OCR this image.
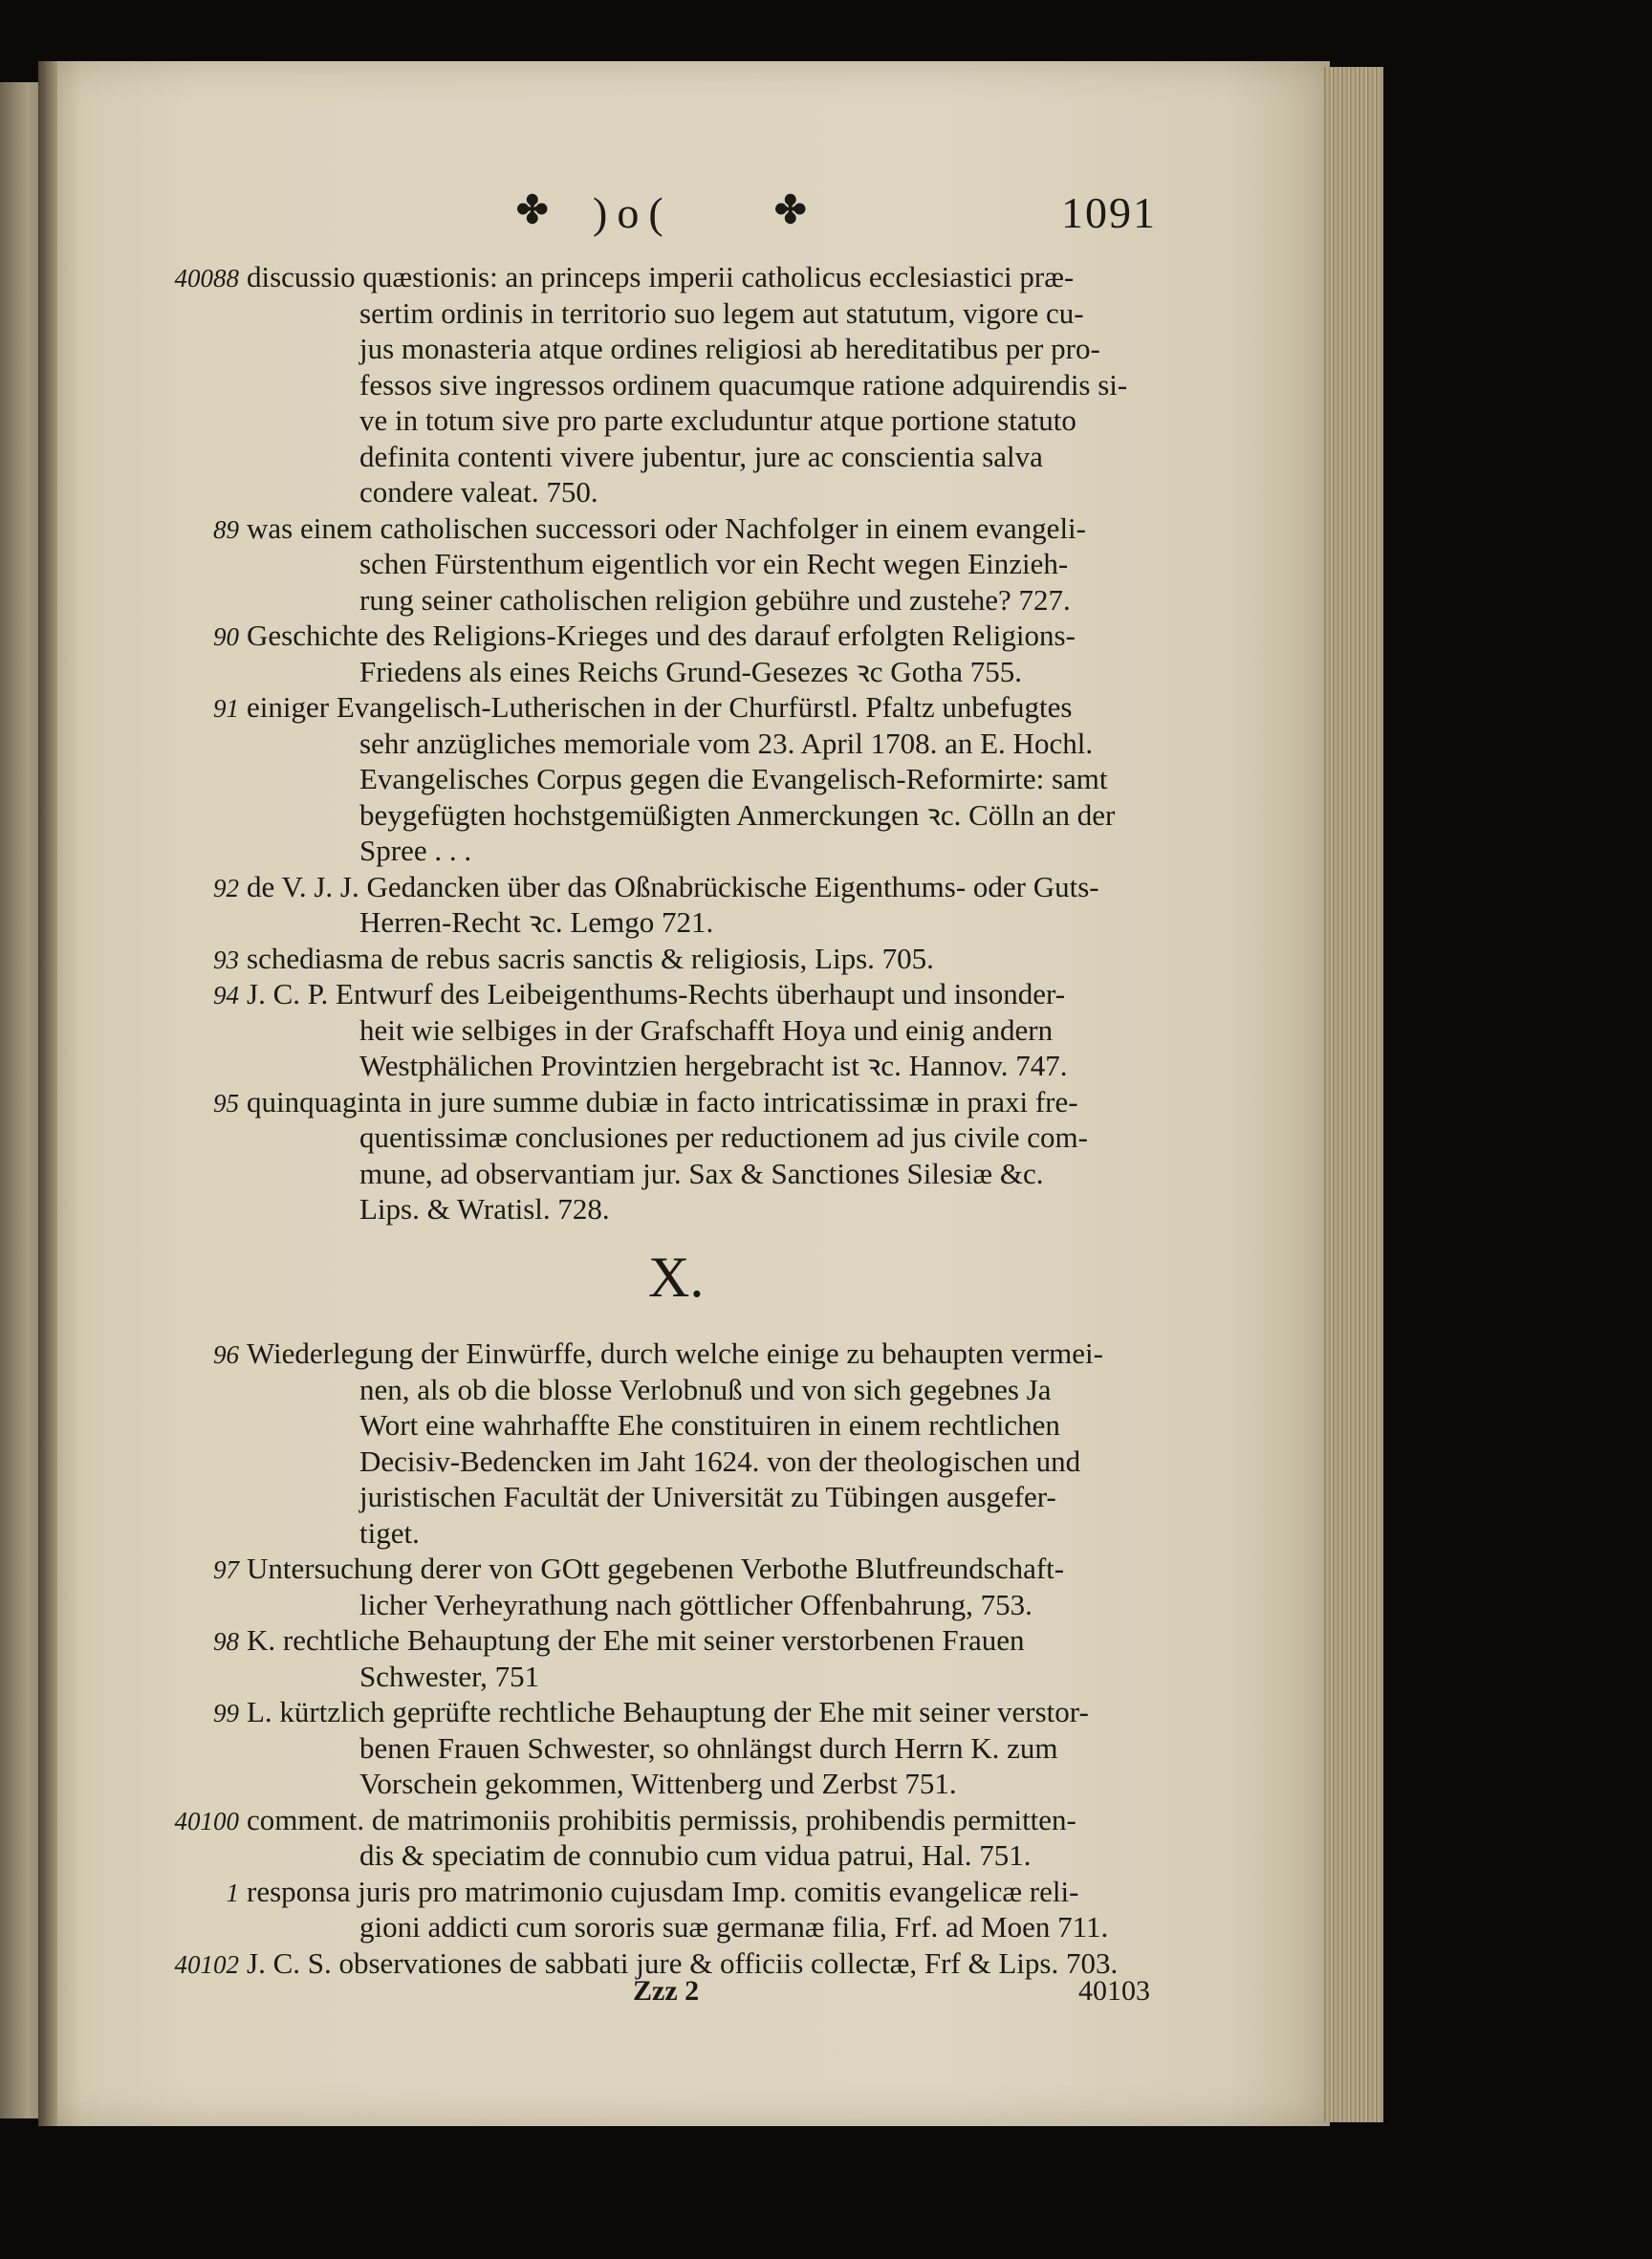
✤ )o(	✤	1091
40088 discussio quæstionis: an princeps imperii catholicus ecclesiastici præ-
sertim ordinis in territorio suo legem aut statutum, vigore cu-
jus monasteria atque ordines religiosi ab hereditatibus per pro-
fessos sive ingressos ordinem quacumque ratione adquirendis si-
ve in totum sive pro parte excluduntur atque portione statuto
definita contenti vivere jubentur, jure ac conscientia salva
condere valeat. 750.
89 was einem catholischen successori oder Nachfolger in einem evangeli-
schen Fürstenthum eigentlich vor ein Recht wegen Einzieh-
rung seiner catholischen religion gebühre und zustehe? 727.
90 Geschichte des Religions-Krieges und des darauf erfolgten Religions-
Friedens als eines Reichs Grund-Gesezes ꝛc Gotha 755.
91 einiger Evangelisch-Lutherischen in der Churfürstl. Pfaltz unbefugtes
sehr anzügliches memoriale vom 23. April 1708. an E. Hochl.
Evangelisches Corpus gegen die Evangelisch-Reformirte: samt
beygefügten hochstgemüßigten Anmerckungen ꝛc. Cölln an der
Spree . . .
92 de V. J. J. Gedancken über das Oßnabrückische Eigenthums- oder Guts-
Herren-Recht ꝛc. Lemgo 721.
93 schediasma de rebus sacris sanctis & religiosis, Lips. 705.
94 J. C. P. Entwurf des Leibeigenthums-Rechts überhaupt und insonder-
heit wie selbiges in der Grafschafft Hoya und einig andern
Westphälichen Provintzien hergebracht ist ꝛc. Hannov. 747.
95 quinquaginta in jure summe dubiæ in facto intricatissimæ in praxi fre-
quentissimæ conclusiones per reductionem ad jus civile com-
mune, ad observantiam jur. Sax & Sanctiones Silesiæ &c.
Lips. & Wratisl. 728.
96 Wiederlegung der Einwürffe, durch welche einige zu behaupten vermei-
nen, als ob die blosse Verlobnuß und von sich gegebnes Ja
Wort eine wahrhaffte Ehe constituiren in einem rechtlichen
Decisiv-Bedencken im Jaht 1624. von der theologischen und
juristischen Facultät der Universität zu Tübingen ausgefer-
tiget.
97 Untersuchung derer von GOtt gegebenen Verbothe Blutfreundschaft-
licher Verheyrathung nach göttlicher Offenbahrung, 753.
98 K. rechtliche Behauptung der Ehe mit seiner verstorbenen Frauen
Schwester, 751
99 L. kürtzlich geprüfte rechtliche Behauptung der Ehe mit seiner verstor-
benen Frauen Schwester, so ohnlängst durch Herrn K. zum
Vorschein gekommen, Wittenberg und Zerbst 751.
40100 comment. de matrimoniis prohibitis permissis, prohibendis permitten-
dis & speciatim de connubio cum vidua patrui, Hal. 751.
1 responsa juris pro matrimonio cujusdam Imp. comitis evangelicæ reli-
gioni addicti cum sororis suæ germanæ filia, Frf. ad Moen 711.
40102 J. C. S. observationes de sabbati jure & officiis collectæ, Frf & Lips. 703.
X.
Zzz 2	40103
